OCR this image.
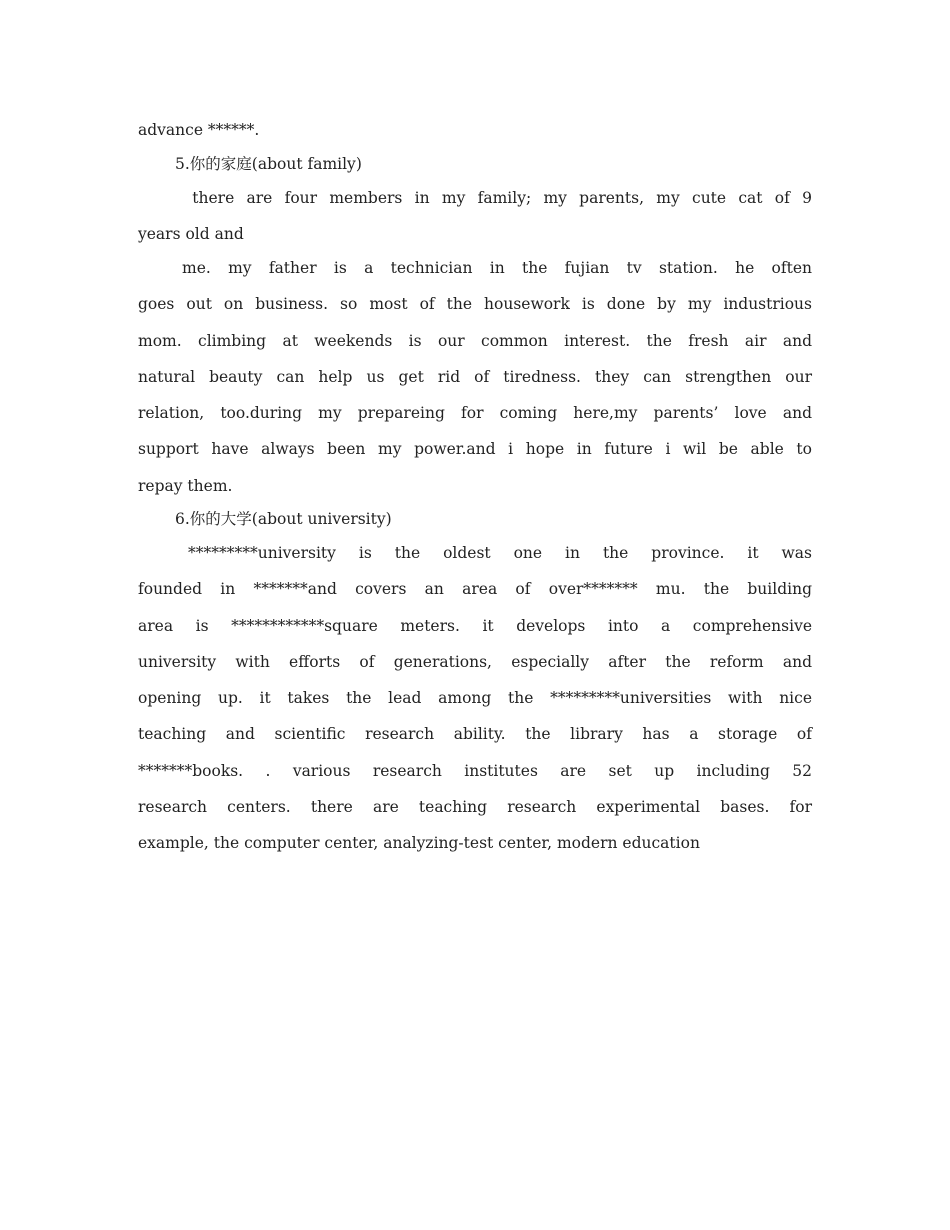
advance ******.
5.你的家庭(about family)
there are four members in my family; my parents, my cute cat of 9
years old and
me. my father is a technician in the fujian tv station. he often
goes out on business. so most of the housework is done by my industrious
mom. climbing at weekends is our common interest. the fresh air and
natural beauty can help us get rid of tiredness. they can strengthen our
relation, too.during my prepareing for coming here,my parents’ love and
support have always been my power.and i hope in future i wil be able to
repay them.
6.你的大学(about university)
*********university is the oldest one in the province. it was
founded in *******and covers an area of over******* mu. the building
area is ************square meters. it develops into a comprehensive
university with efforts of generations, especially after the reform and
opening up. it takes the lead among the *********universities with nice
teaching and scientific research ability. the library has a storage of
*******books. . various research institutes are set up including 52
research centers. there are teaching research experimental bases. for
example, the computer center, analyzing-test center, modern education
